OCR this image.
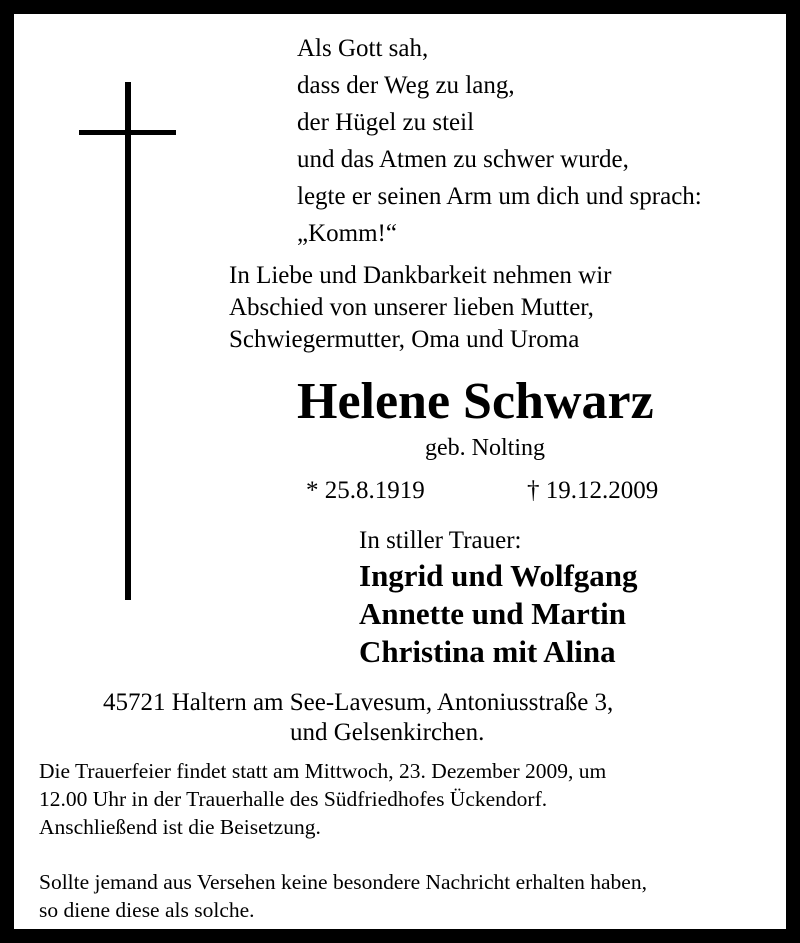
Als Gott sah,
dass der Weg zu lang,
der Hügel zu steil
und das Atmen zu schwer wurde,
legte er seinen Arm um dich und sprach:
„Komm!“
In Liebe und Dankbarkeit nehmen wir
Abschied von unserer lieben Mutter,
Schwiegermutter, Oma und Uroma
Helene Schwarz
geb. Nolting
* 25.8.1919	† 19.12.2009
In stiller Trauer:
Ingrid und Wolfgang
Annette und Martin
Christina mit Alina
45721 Haltern am See-Lavesum, Antoniusstraße 3,
und Gelsenkirchen.
Die Trauerfeier findet statt am Mittwoch, 23. Dezember 2009, um
12.00 Uhr in der Trauerhalle des Südfriedhofes Ückendorf.
Anschließend ist die Beisetzung.
Sollte jemand aus Versehen keine besondere Nachricht erhalten haben,
so diene diese als solche.
